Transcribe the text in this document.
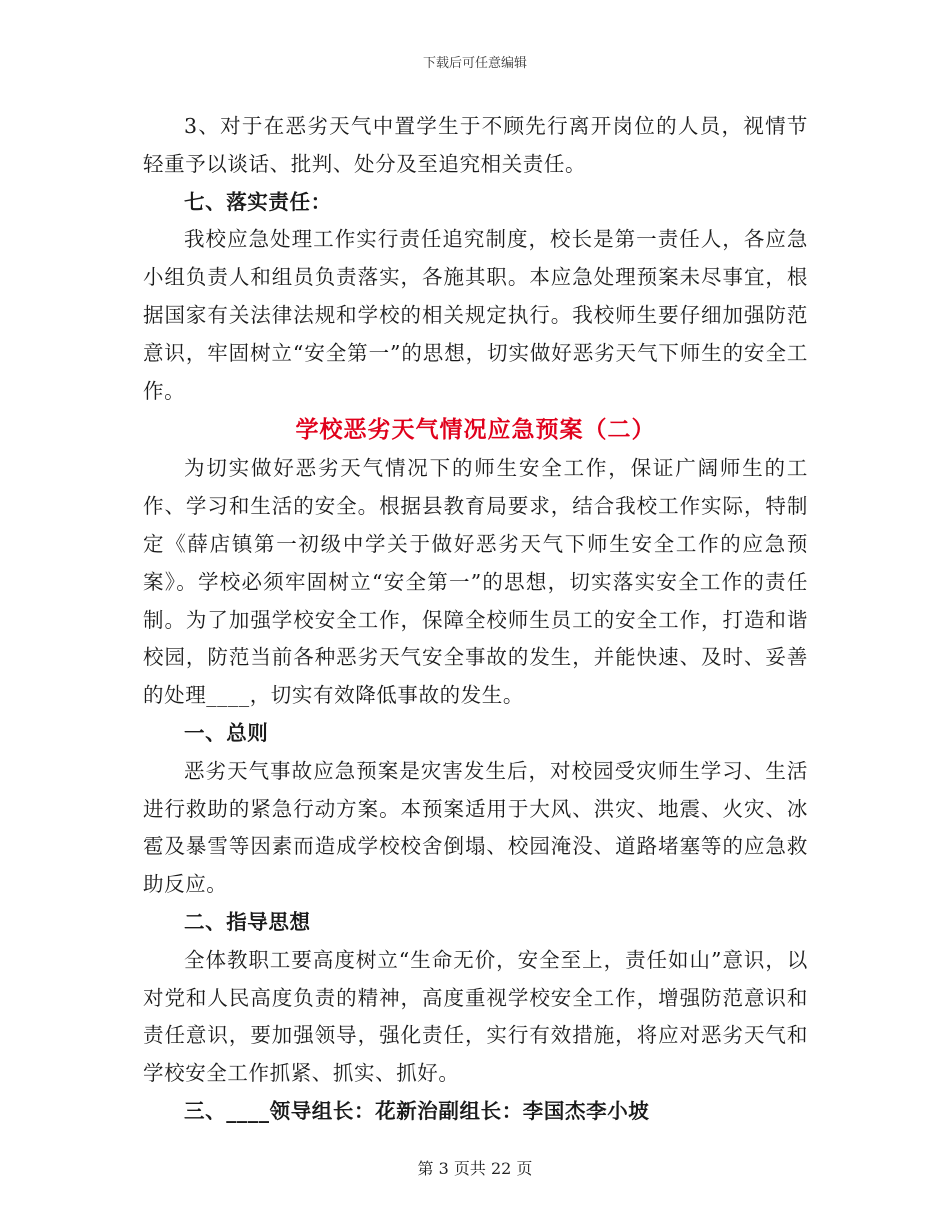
下载后可任意编辑

3、对于在恶劣天气中置学生于不顾先行离开岗位的人员，视情节轻重予以谈话、批判、处分及至追究相关责任。

七、落实责任：

我校应急处理工作实行责任追究制度，校长是第一责任人，各应急小组负责人和组员负责落实，各施其职。本应急处理预案未尽事宜，根据国家有关法律法规和学校的相关规定执行。我校师生要仔细加强防范意识，牢固树立“安全第一”的思想，切实做好恶劣天气下师生的安全工作。

学校恶劣天气情况应急预案（二）

为切实做好恶劣天气情况下的师生安全工作，保证广阔师生的工作、学习和生活的安全。根据县教育局要求，结合我校工作实际，特制定《薛店镇第一初级中学关于做好恶劣天气下师生安全工作的应急预案》。学校必须牢固树立“安全第一”的思想，切实落实安全工作的责任制。为了加强学校安全工作，保障全校师生员工的安全工作，打造和谐校园，防范当前各种恶劣天气安全事故的发生，并能快速、及时、妥善的处理____，切实有效降低事故的发生。

一、总则

恶劣天气事故应急预案是灾害发生后，对校园受灾师生学习、生活进行救助的紧急行动方案。本预案适用于大风、洪灾、地震、火灾、冰雹及暴雪等因素而造成学校校舍倒塌、校园淹没、道路堵塞等的应急救助反应。

二、指导思想

全体教职工要高度树立“生命无价，安全至上，责任如山”意识，以对党和人民高度负责的精神，高度重视学校安全工作，增强防范意识和责任意识，要加强领导，强化责任，实行有效措施，将应对恶劣天气和学校安全工作抓紧、抓实、抓好。

三、____领导组长：花新治副组长：李国杰李小坡

第 3 页共 22 页
